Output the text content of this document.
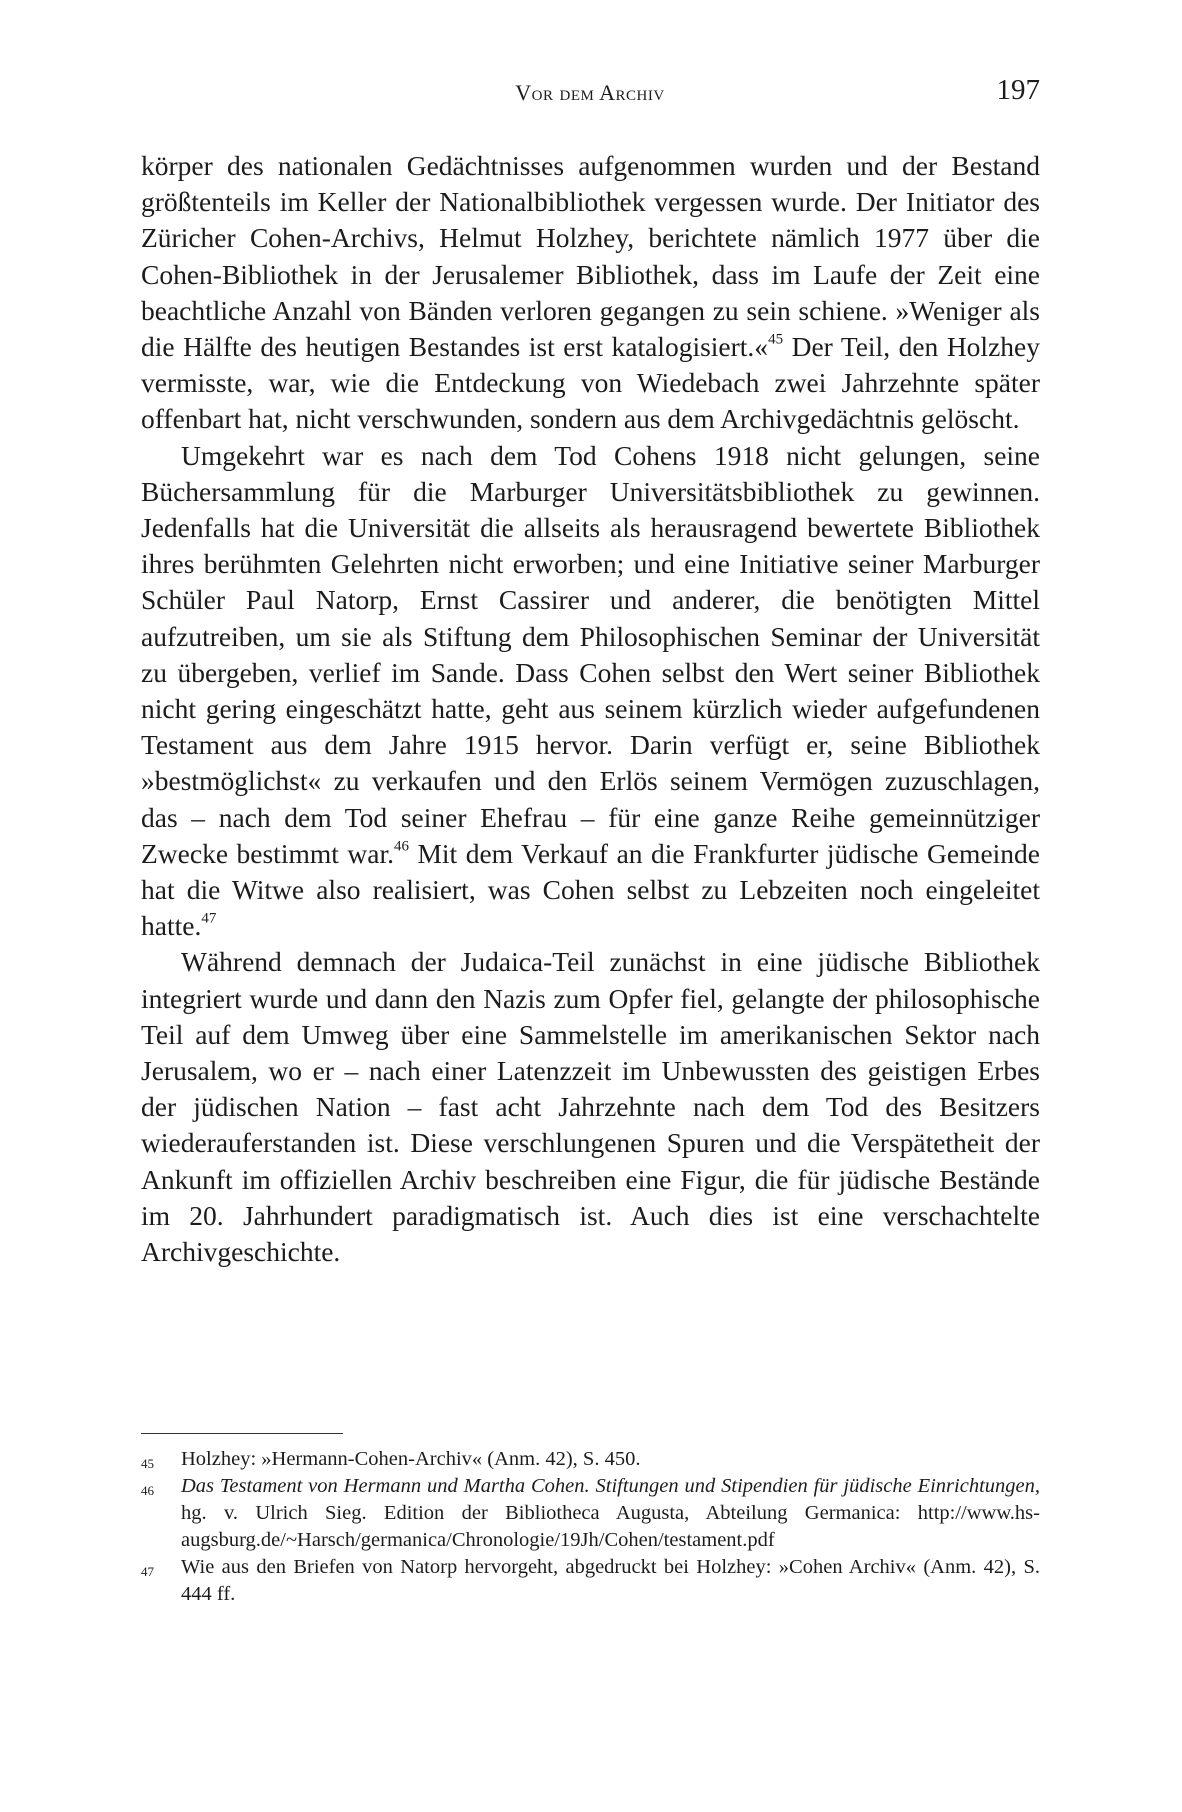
Vor dem Archiv	197

körper des nationalen Gedächtnisses aufgenommen wurden und der Bestand größtenteils im Keller der Nationalbibliothek vergessen wurde. Der Initiator des Züricher Cohen-Archivs, Helmut Holzhey, berichtete nämlich 1977 über die Cohen-Bibliothek in der Jerusalemer Bibliothek, dass im Laufe der Zeit eine beachtliche Anzahl von Bänden verloren gegangen zu sein schiene. »Weniger als die Hälfte des heutigen Bestandes ist erst katalogisiert.«$^{45}$ Der Teil, den Holzhey vermisste, war, wie die Entdeckung von Wiedebach zwei Jahrzehnte später offenbart hat, nicht verschwunden, sondern aus dem Archivgedächtnis gelöscht.

Umgekehrt war es nach dem Tod Cohens 1918 nicht gelungen, seine Büchersammlung für die Marburger Universitätsbibliothek zu gewinnen. Jedenfalls hat die Universität die allseits als herausragend bewertete Bibliothek ihres berühmten Gelehrten nicht erworben; und eine Initiative seiner Marburger Schüler Paul Natorp, Ernst Cassirer und anderer, die benötigten Mittel aufzutreiben, um sie als Stiftung dem Philosophischen Seminar der Universität zu übergeben, verlief im Sande. Dass Cohen selbst den Wert seiner Bibliothek nicht gering eingeschätzt hatte, geht aus seinem kürzlich wieder aufgefundenen Testament aus dem Jahre 1915 hervor. Darin verfügt er, seine Bibliothek »bestmöglichst« zu verkaufen und den Erlös seinem Vermögen zuzuschlagen, das – nach dem Tod seiner Ehefrau – für eine ganze Reihe gemeinnütziger Zwecke bestimmt war.$^{46}$ Mit dem Verkauf an die Frankfurter jüdische Gemeinde hat die Witwe also realisiert, was Cohen selbst zu Lebzeiten noch eingeleitet hatte.$^{47}$

Während demnach der Judaica-Teil zunächst in eine jüdische Bibliothek integriert wurde und dann den Nazis zum Opfer fiel, gelangte der philosophische Teil auf dem Umweg über eine Sammelstelle im amerikanischen Sektor nach Jerusalem, wo er – nach einer Latenzzeit im Unbewussten des geistigen Erbes der jüdischen Nation – fast acht Jahrzehnte nach dem Tod des Besitzers wiederauferstanden ist. Diese verschlungenen Spuren und die Verspätetheit der Ankunft im offiziellen Archiv beschreiben eine Figur, die für jüdische Bestände im 20. Jahrhundert paradigmatisch ist. Auch dies ist eine verschachtelte Archivgeschichte.

45 Holzhey: »Hermann-Cohen-Archiv« (Anm. 42), S. 450.
46 Das Testament von Hermann und Martha Cohen. Stiftungen und Stipendien für jüdische Einrichtungen, hg. v. Ulrich Sieg. Edition der Bibliotheca Augusta, Abteilung Germanica: http://www.hs-augsburg.de/~Harsch/germanica/Chronologie/19Jh/Cohen/testament.pdf
47 Wie aus den Briefen von Natorp hervorgeht, abgedruckt bei Holzhey: »Cohen Archiv« (Anm. 42), S. 444 ff.
